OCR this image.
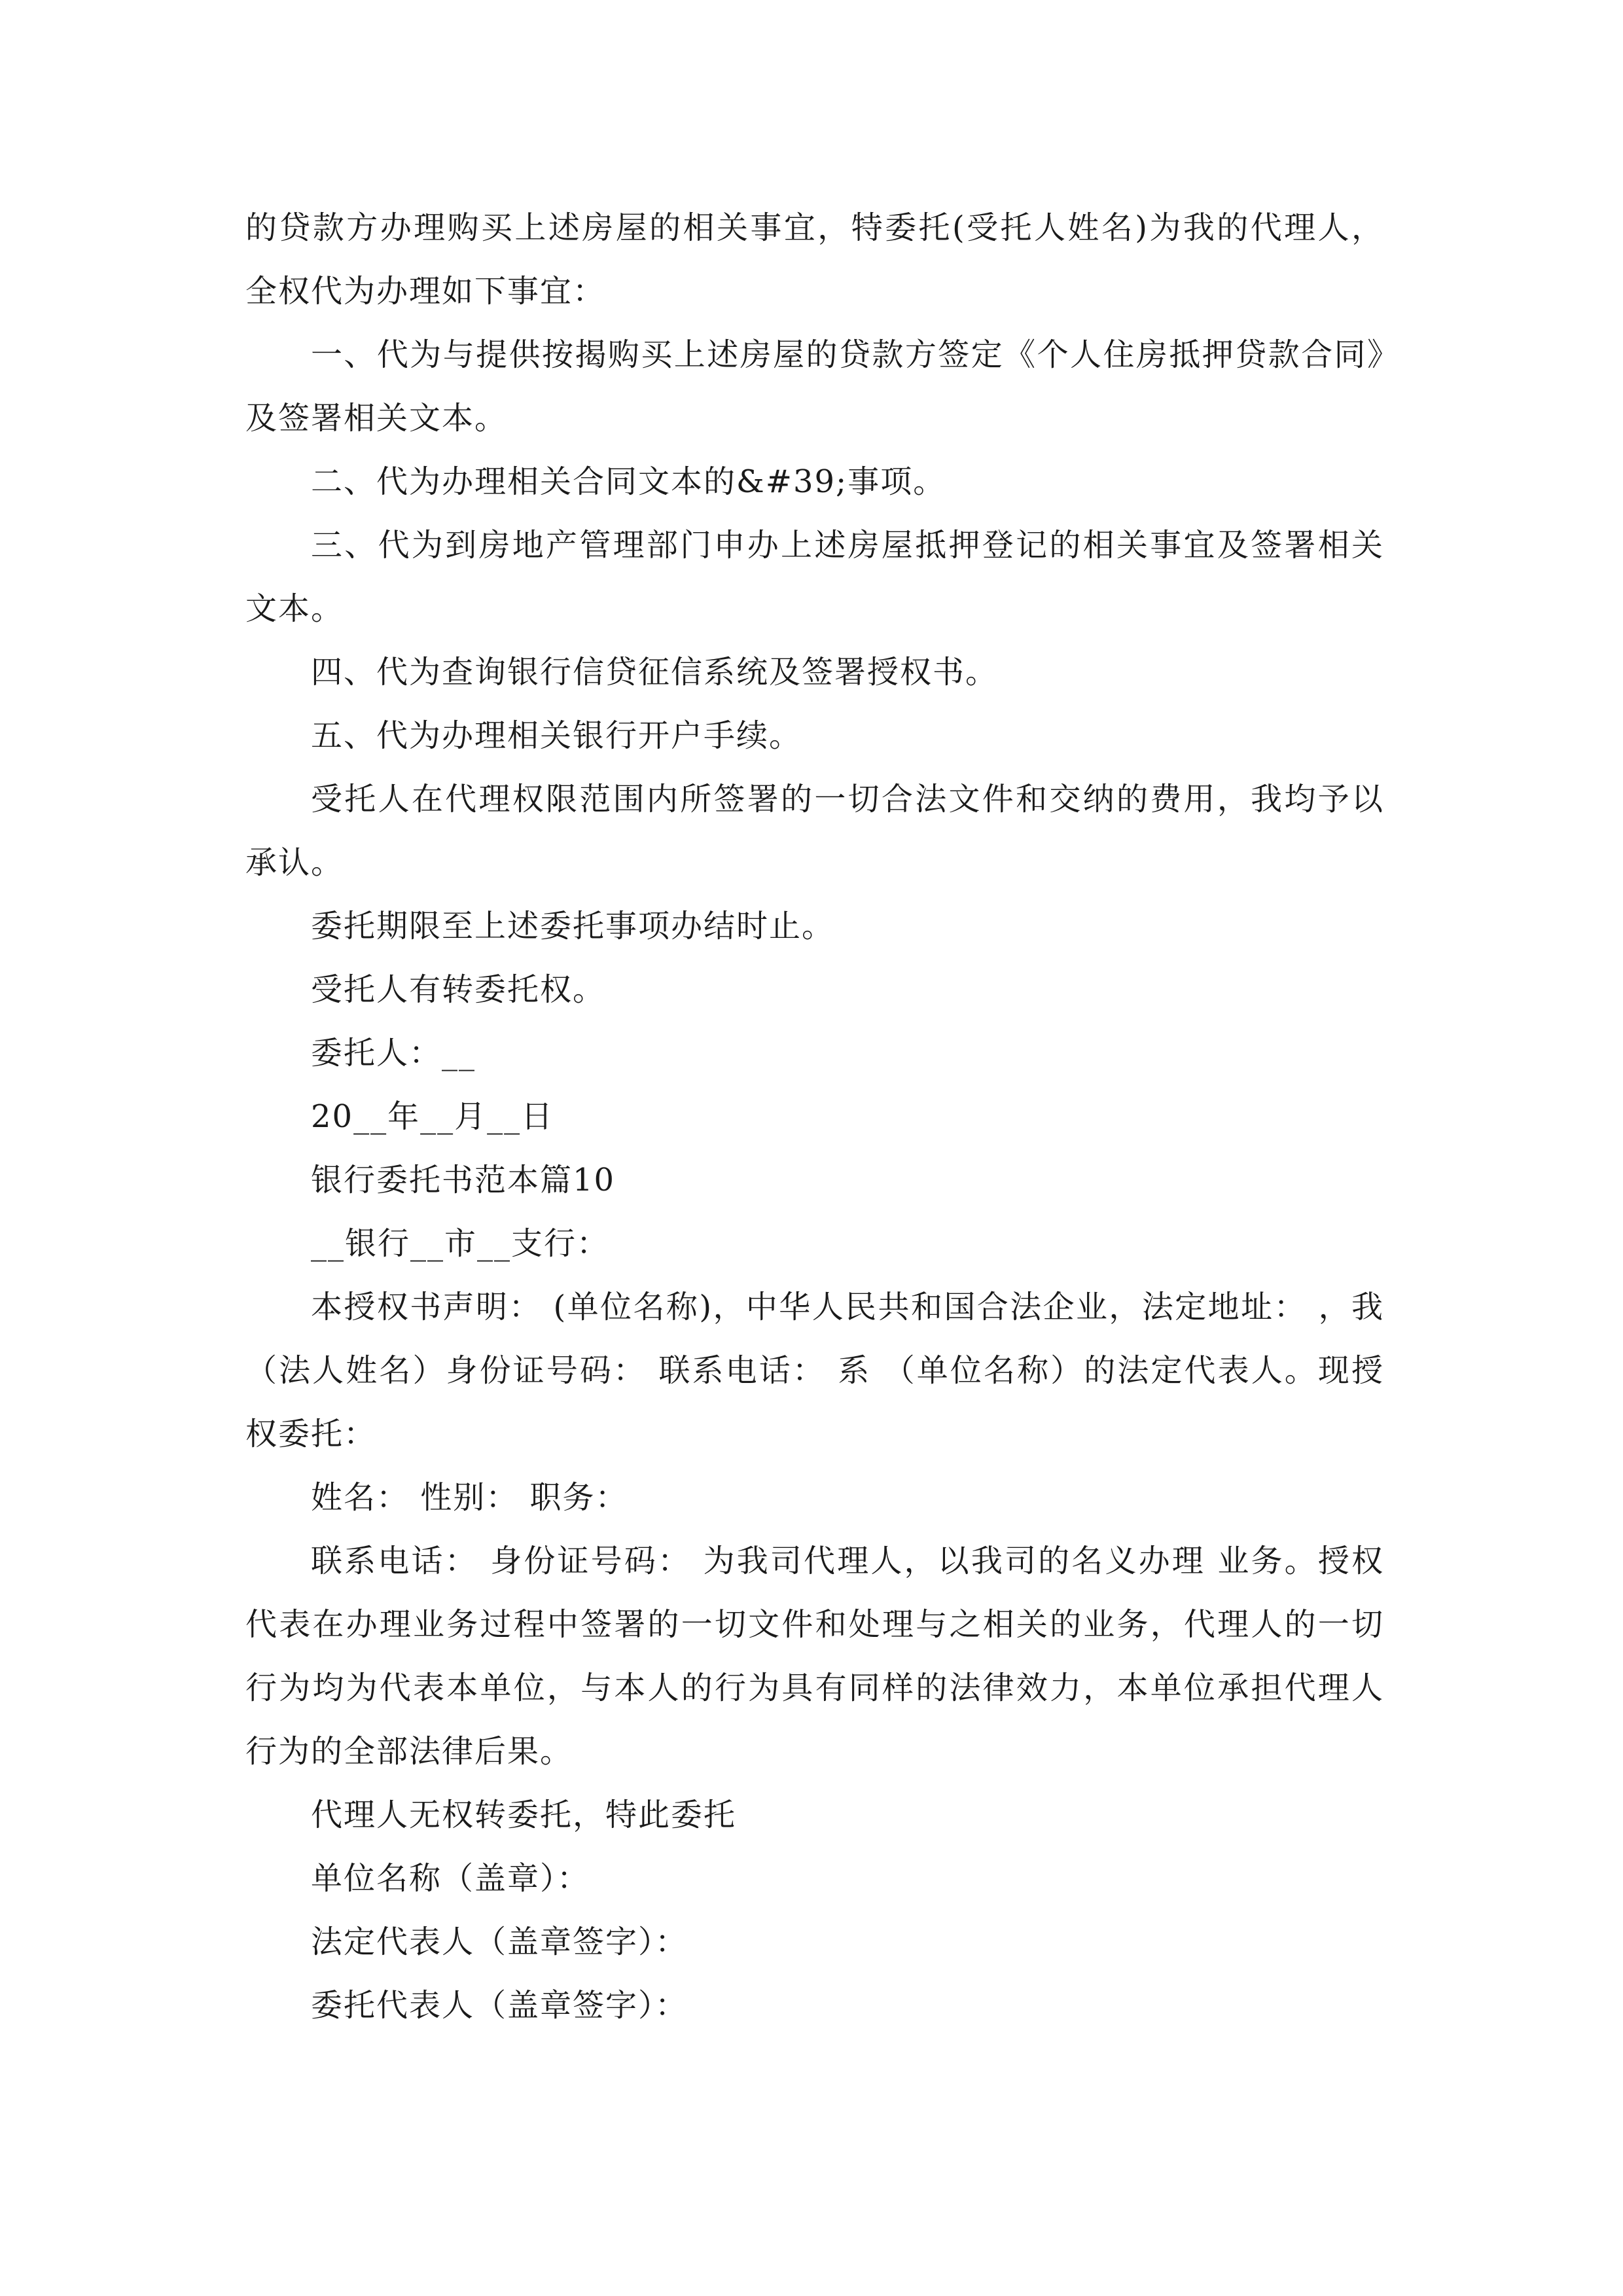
的贷款方办理购买上述房屋的相关事宜，特委托(受托人姓名)为我的代理人，全权代为办理如下事宜：

一、代为与提供按揭购买上述房屋的贷款方签定《个人住房抵押贷款合同》及签署相关文本。

二、代为办理相关合同文本的&#39;事项。

三、代为到房地产管理部门申办上述房屋抵押登记的相关事宜及签署相关文本。

四、代为查询银行信贷征信系统及签署授权书。

五、代为办理相关银行开户手续。

受托人在代理权限范围内所签署的一切合法文件和交纳的费用，我均予以承认。

委托期限至上述委托事项办结时止。

受托人有转委托权。

委托人：__

20__年__月__日

银行委托书范本篇10

__银行__市__支行：

本授权书声明： (单位名称)，中华人民共和国合法企业，法定地址： ，我（法人姓名）身份证号码： 联系电话： 系 （单位名称）的法定代表人。现授权委托：

姓名： 性别： 职务：

联系电话： 身份证号码： 为我司代理人，以我司的名义办理 业务。授权代表在办理业务过程中签署的一切文件和处理与之相关的业务，代理人的一切行为均为代表本单位，与本人的行为具有同样的法律效力，本单位承担代理人行为的全部法律后果。

代理人无权转委托，特此委托

单位名称（盖章）：

法定代表人（盖章签字）：

委托代表人（盖章签字）：
